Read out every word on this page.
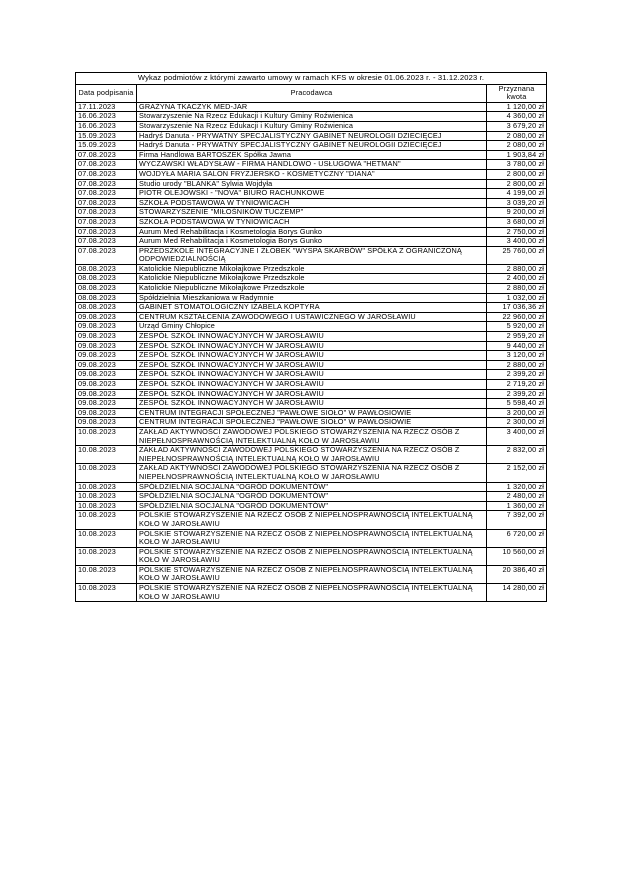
Wykaz podmiotów z którymi zawarto umowy w ramach KFS w okresie 01.06.2023 r. - 31.12.2023 r.		
Data podpisania	Pracodawca	Przyznana kwota
17.11.2023	GRAŻYNA TKACZYK MED-JAR	1 120,00 zł
16.06.2023	Stowarzyszenie Na Rzecz Edukacji i Kultury Gminy Roźwienica	4 360,00 zł
16.06.2023	Stowarzyszenie Na Rzecz Edukacji i Kultury Gminy Roźwienica	3 679,20 zł
15.09.2023	Hadryś Danuta - PRYWATNY SPECJALISTYCZNY GABINET NEUROLOGII DZIECIĘCEJ	2 080,00 zł
15.09.2023	Hadryś Danuta - PRYWATNY SPECJALISTYCZNY GABINET NEUROLOGII DZIECIĘCEJ	2 080,00 zł
07.08.2023	Firma Handlowa BARTOSZEK Spółka Jawna	1 903,84 zł
07.08.2023	WYCZAWSKI WŁADYSŁAW - FIRMA HANDLOWO - USŁUGOWA "HETMAN"	3 780,00 zł
07.08.2023	WOJDYŁA MARIA SALON FRYZJERSKO - KOSMETYCZNY "DIANA"	2 800,00 zł
07.08.2023	Studio urody "BLANKA" Sylwia Wojdyła	2 800,00 zł
07.08.2023	PIOTR OLEJOWSKI - "NOVA" BIURO RACHUNKOWE	4 199,00 zł
07.08.2023	SZKOŁA PODSTAWOWA W TYNIOWICACH	3 039,20 zł
07.08.2023	STOWARZYSZENIE "MIŁOŚNIKÓW TUCZEMP"	9 200,00 zł
07.08.2023	SZKOŁA PODSTAWOWA W TYNIOWICACH	3 680,00 zł
07.08.2023	Aurum Med Rehabilitacja i Kosmetologia Borys Gunko	2 750,00 zł
07.08.2023	Aurum Med Rehabilitacja i Kosmetologia Borys Gunko	3 400,00 zł
07.08.2023	PRZEDSZKOLE INTEGRACYJNE I ŻŁOBEK "WYSPA SKARBÓW" SPÓŁKA Z OGRANICZONĄ ODPOWIEDZIALNOŚCIĄ	25 760,00 zł
08.08.2023	Katolickie Niepubliczne Mikołajkowe Przedszkole	2 880,00 zł
08.08.2023	Katolickie Niepubliczne Mikołajkowe Przedszkole	2 400,00 zł
08.08.2023	Katolickie Niepubliczne Mikołajkowe Przedszkole	2 880,00 zł
08.08.2023	Spółdzielnia Mieszkaniowa w Radymnie	1 032,00 zł
08.08.2023	GABINET STOMATOLOGICZNY IZABELA KOPTYRA	17 036,36 zł
09.08.2023	CENTRUM KSZTAŁCENIA ZAWODOWEGO I USTAWICZNEGO W JAROSŁAWIU	22 960,00 zł
09.08.2023	Urząd Gminy Chłopice	5 920,00 zł
09.08.2023	ZESPÓŁ SZKÓŁ INNOWACYJNYCH W JAROSŁAWIU	2 959,20 zł
09.08.2023	ZESPÓŁ SZKÓŁ INNOWACYJNYCH W JAROSŁAWIU	9 440,00 zł
09.08.2023	ZESPÓŁ SZKÓŁ INNOWACYJNYCH W JAROSŁAWIU	3 120,00 zł
09.08.2023	ZESPÓŁ SZKÓŁ INNOWACYJNYCH W JAROSŁAWIU	2 880,00 zł
09.08.2023	ZESPÓŁ SZKÓŁ INNOWACYJNYCH W JAROSŁAWIU	2 399,20 zł
09.08.2023	ZESPÓŁ SZKÓŁ INNOWACYJNYCH W JAROSŁAWIU	2 719,20 zł
09.08.2023	ZESPÓŁ SZKÓŁ INNOWACYJNYCH W JAROSŁAWIU	2 399,20 zł
09.08.2023	ZESPÓŁ SZKÓŁ INNOWACYJNYCH W JAROSŁAWIU	5 598,40 zł
09.08.2023	CENTRUM INTEGRACJI SPOŁECZNEJ "PAWŁOWE SIOŁO" W PAWŁOSIOWIE	3 200,00 zł
09.08.2023	CENTRUM INTEGRACJI SPOŁECZNEJ "PAWŁOWE SIOŁO" W PAWŁOSIOWIE	2 300,00 zł
10.08.2023	ZAKŁAD AKTYWNOŚCI ZAWODOWEJ POLSKIEGO STOWARZYSZENIA NA RZECZ OSÓB Z NIEPEŁNOSPRAWNOŚCIĄ INTELEKTUALNĄ KOŁO W JAROSŁAWIU	3 400,00 zł
10.08.2023	ZAKŁAD AKTYWNOŚCI ZAWODOWEJ POLSKIEGO STOWARZYSZENIA NA RZECZ OSÓB Z NIEPEŁNOSPRAWNOŚCIĄ INTELEKTUALNĄ KOŁO W JAROSŁAWIU	2 832,00 zł
10.08.2023	ZAKŁAD AKTYWNOŚCI ZAWODOWEJ POLSKIEGO STOWARZYSZENIA NA RZECZ OSÓB Z NIEPEŁNOSPRAWNOŚCIĄ INTELEKTUALNĄ KOŁO W JAROSŁAWIU	2 152,00 zł
10.08.2023	SPÓŁDZIELNIA SOCJALNA "OGRÓD DOKUMENTÓW"	1 320,00 zł
10.08.2023	SPÓŁDZIELNIA SOCJALNA "OGRÓD DOKUMENTÓW"	2 480,00 zł
10.08.2023	SPÓŁDZIELNIA SOCJALNA "OGRÓD DOKUMENTÓW"	1 360,00 zł
10.08.2023	POLSKIE STOWARZYSZENIE NA RZECZ OSÓB Z NIEPEŁNOSPRAWNOŚCIĄ INTELEKTUALNĄ KOŁO W JAROSŁAWIU	7 392,00 zł
10.08.2023	POLSKIE STOWARZYSZENIE NA RZECZ OSÓB Z NIEPEŁNOSPRAWNOŚCIĄ INTELEKTUALNĄ KOŁO W JAROSŁAWIU	6 720,00 zł
10.08.2023	POLSKIE STOWARZYSZENIE NA RZECZ OSÓB Z NIEPEŁNOSPRAWNOŚCIĄ INTELEKTUALNĄ KOŁO W JAROSŁAWIU	10 560,00 zł
10.08.2023	POLSKIE STOWARZYSZENIE NA RZECZ OSÓB Z NIEPEŁNOSPRAWNOŚCIĄ INTELEKTUALNĄ KOŁO W JAROSŁAWIU	20 386,40 zł
10.08.2023	POLSKIE STOWARZYSZENIE NA RZECZ OSÓB Z NIEPEŁNOSPRAWNOŚCIĄ INTELEKTUALNĄ KOŁO W JAROSŁAWIU	14 280,00 zł
